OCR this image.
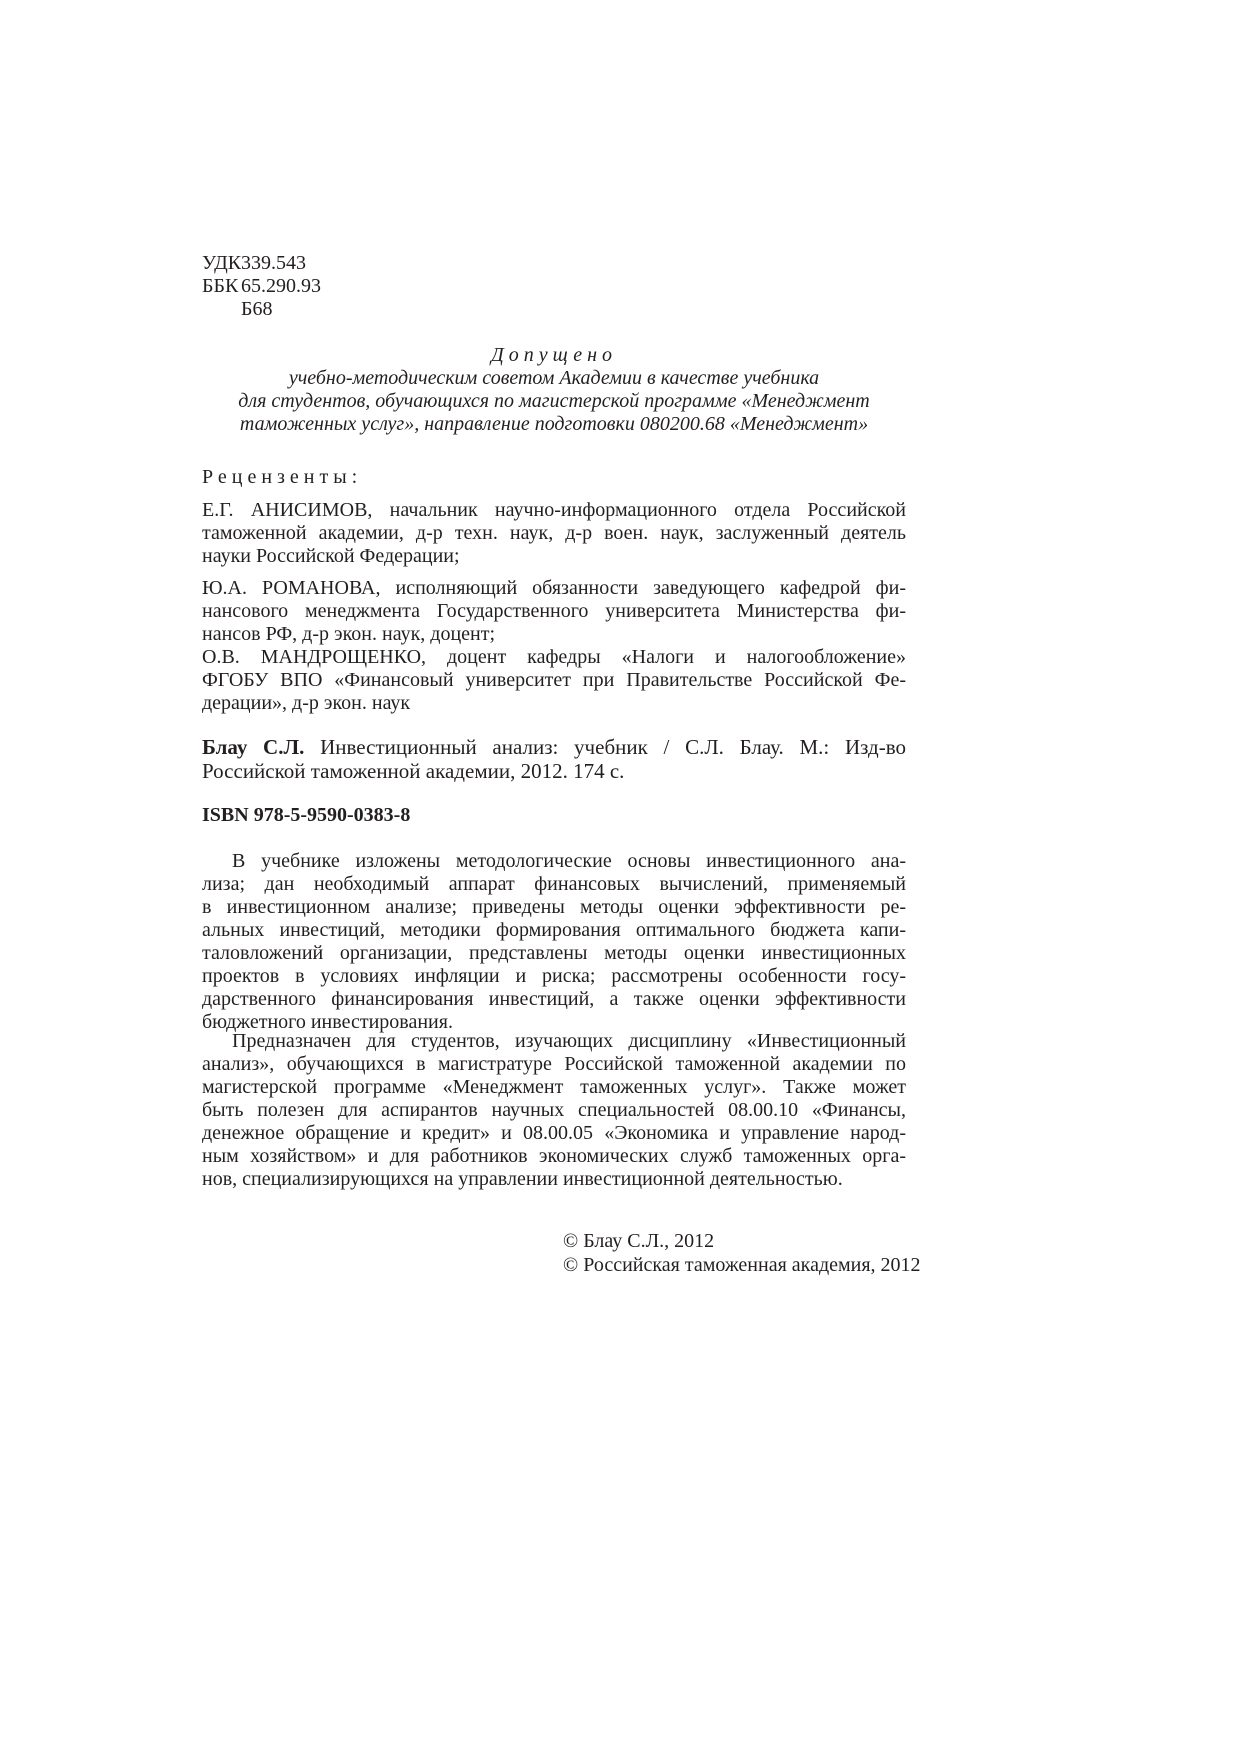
УДК 339.543
ББК 65.290.93
Б68
Допущено
учебно-методическим советом Академии в качестве учебника
для студентов, обучающихся по магистерской программе «Менеджмент
таможенных услуг», направление подготовки 080200.68 «Менеджмент»
Рецензенты:
Е.Г. АНИСИМОВ, начальник научно-информационного отдела Российской
таможенной академии, д-р техн. наук, д-р воен. наук, заслуженный деятель
науки Российской Федерации;
Ю.А. РОМАНОВА, исполняющий обязанности заведующего кафедрой фи-
нансового менеджмента Государственного университета Министерства фи-
нансов РФ, д-р экон. наук, доцент;
О.В. МАНДРОЩЕНКО, доцент кафедры «Налоги и налогообложение»
ФГОБУ ВПО «Финансовый университет при Правительстве Российской Фе-
дерации», д-р экон. наук
Блау С.Л. Инвестиционный анализ: учебник / С.Л. Блау. М.: Изд-во
Российской таможенной академии, 2012. 174 с.
ISBN 978-5-9590-0383-8
В учебнике изложены методологические основы инвестиционного ана-
лиза; дан необходимый аппарат финансовых вычислений, применяемый
в инвестиционном анализе; приведены методы оценки эффективности ре-
альных инвестиций, методики формирования оптимального бюджета капи-
таловложений организации, представлены методы оценки инвестиционных
проектов в условиях инфляции и риска; рассмотрены особенности госу-
дарственного финансирования инвестиций, а также оценки эффективности
бюджетного инвестирования.
Предназначен для студентов, изучающих дисциплину «Инвестиционный
анализ», обучающихся в магистратуре Российской таможенной академии по
магистерской программе «Менеджмент таможенных услуг». Также может
быть полезен для аспирантов научных специальностей 08.00.10 «Финансы,
денежное обращение и кредит» и 08.00.05 «Экономика и управление народ-
ным хозяйством» и для работников экономических служб таможенных орга-
нов, специализирующихся на управлении инвестиционной деятельностью.
© Блау С.Л., 2012
© Российская таможенная академия, 2012
